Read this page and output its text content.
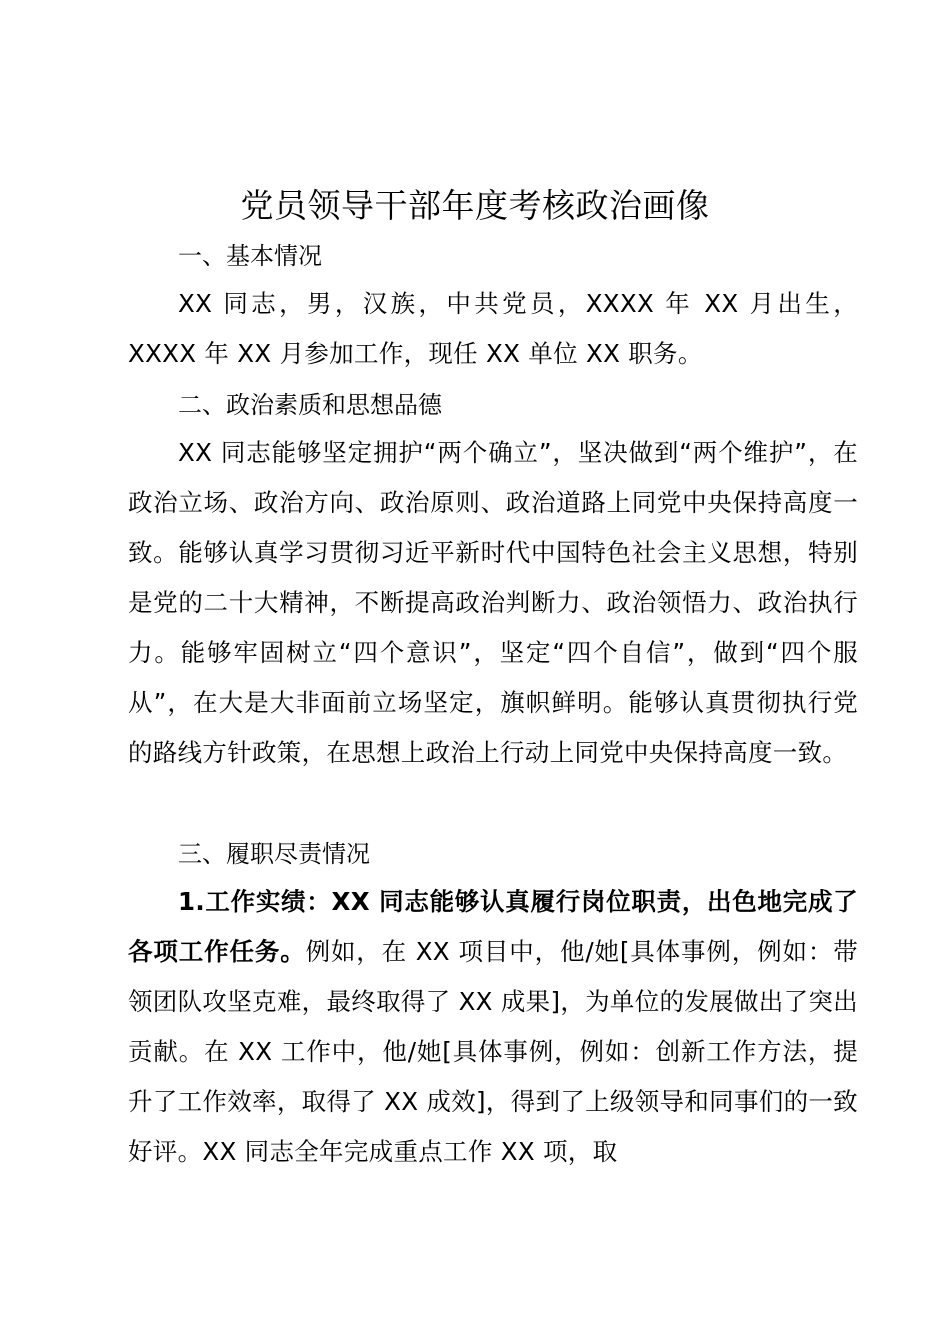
党员领导干部年度考核政治画像

一、基本情况

XX 同志，男，汉族，中共党员，XXXX 年 XX 月出生，XXXX 年 XX 月参加工作，现任 XX 单位 XX 职务。

二、政治素质和思想品德

XX 同志能够坚定拥护“两个确立”，坚决做到“两个维护”，在政治立场、政治方向、政治原则、政治道路上同党中央保持高度一致。能够认真学习贯彻习近平新时代中国特色社会主义思想，特别是党的二十大精神，不断提高政治判断力、政治领悟力、政治执行力。能够牢固树立“四个意识”，坚定“四个自信”，做到“四个服从”，在大是大非面前立场坚定，旗帜鲜明。能够认真贯彻执行党的路线方针政策，在思想上政治上行动上同党中央保持高度一致。

三、履职尽责情况

1.工作实绩：XX 同志能够认真履行岗位职责，出色地完成了各项工作任务。例如，在 XX 项目中，他/她[具体事例，例如：带领团队攻坚克难，最终取得了 XX 成果]，为单位的发展做出了突出贡献。在 XX 工作中，他/她[具体事例，例如：创新工作方法，提升了工作效率，取得了 XX 成效]，得到了上级领导和同事们的一致好评。XX 同志全年完成重点工作 XX 项，取
